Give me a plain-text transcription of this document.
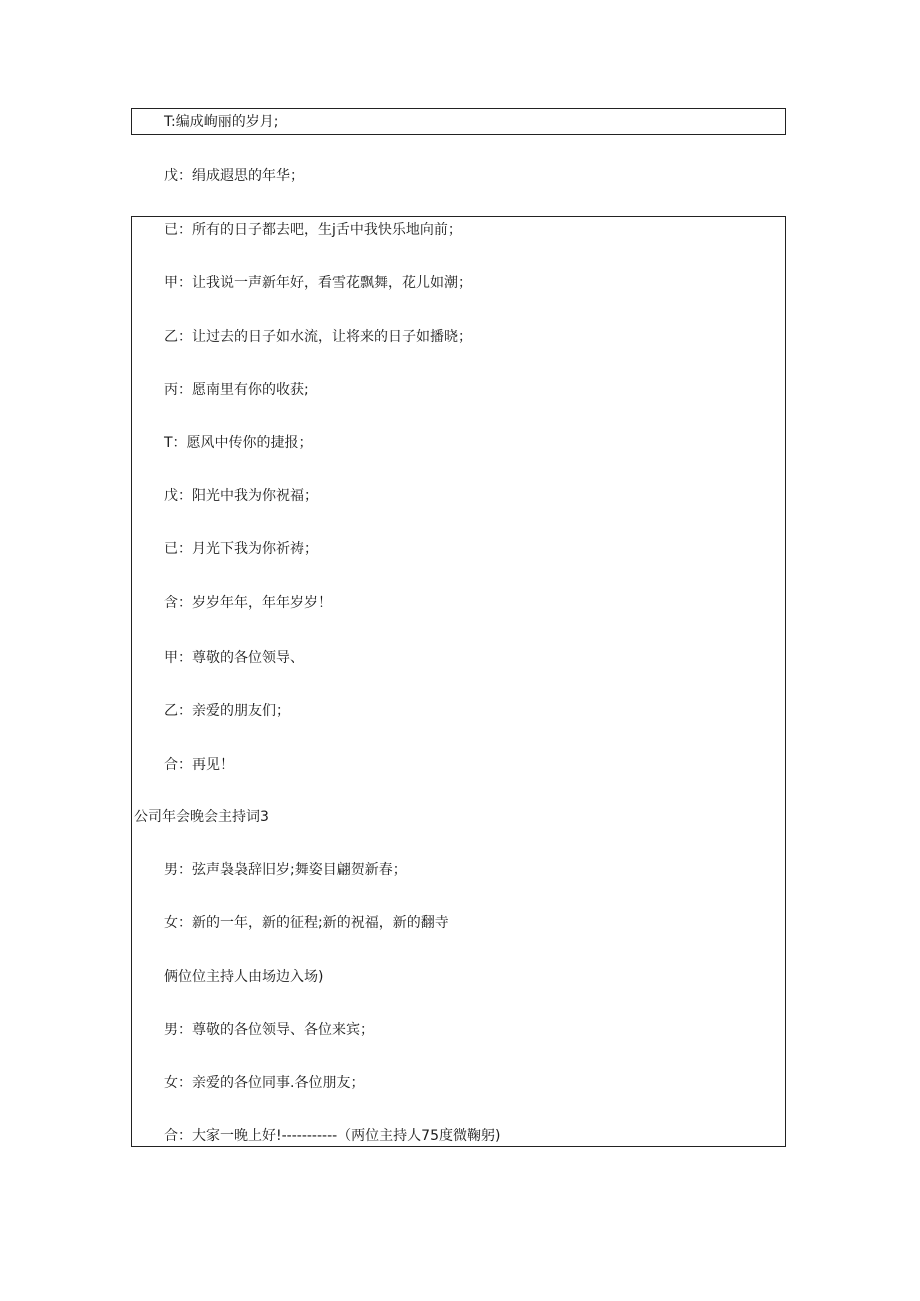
T:编成峋丽的岁月;
戊：绢成遐思的年华；
已：所有的日子都去吧，生j舌中我快乐地向前；
甲：让我说一声新年好，看雪花飘舞，花儿如潮；
乙：让过去的日子如水流，让将来的日子如播晓；
丙：愿南里有你的收获;
T：愿风中传你的捷报；
戊：阳光中我为你祝福；
已：月光下我为你祈祷；
含：岁岁年年，年年岁岁！
甲：尊敬的各位领导、
乙：亲爱的朋友们；
合：再见！
公司年会晚会主持词3
男：弦声袅袅辞旧岁;舞姿目翩贺新春；
女：新的一年，新的征程;新的祝福，新的翻寺
俩位位主持人由场边入场)
男：尊敬的各位领导、各位来宾；
女：亲爱的各位同事.各位朋友；
合：大家一晚上好!-----------（两位主持人75度微鞠躬)
